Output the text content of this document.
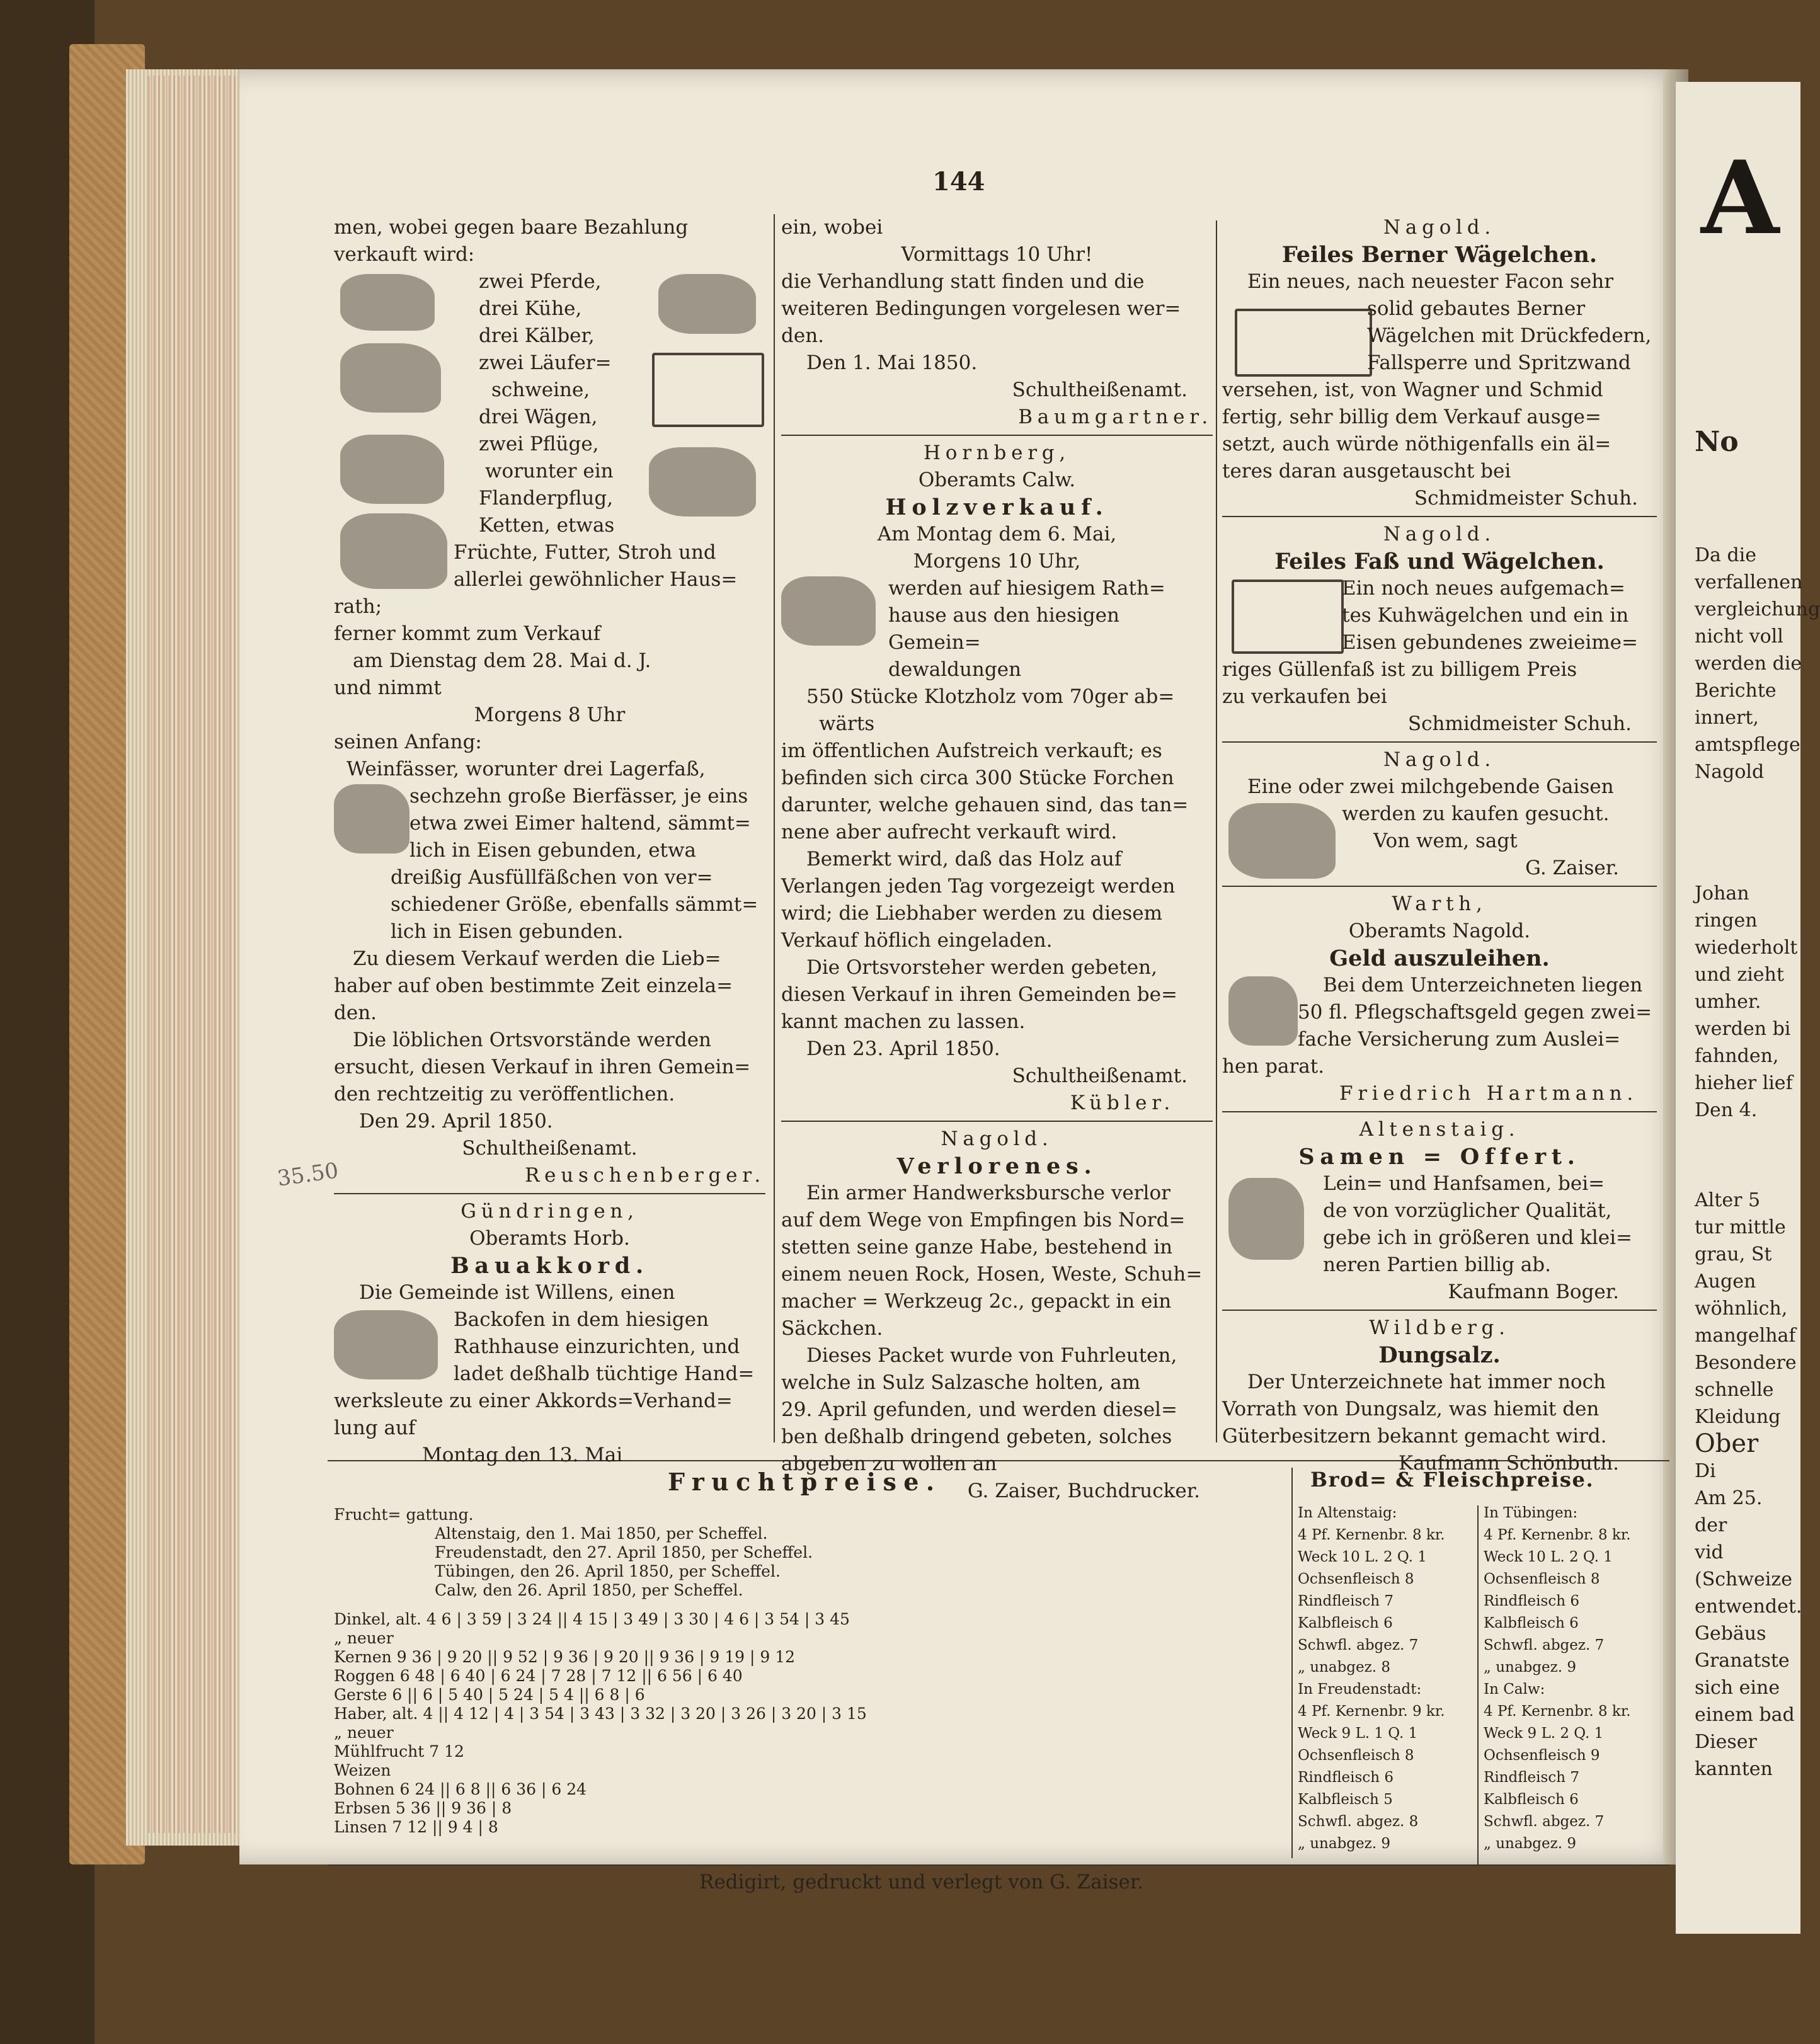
A
144

men, wobei gegen baare Bezahlung

verkauft wird:

zwei Pferde,

drei Kühe,

drei Kälber,

zwei Läufer=

schweine,

drei Wägen,

zwei Pflüge,

worunter ein

Flanderpflug,

Ketten, etwas

Früchte, Futter, Stroh und

allerlei gewöhnlicher Haus=

rath;

ferner kommt zum Verkauf

am Dienstag dem 28. Mai d. J.

und nimmt

Morgens 8 Uhr

seinen Anfang:

Weinfässer, worunter drei Lagerfaß,

sechzehn große Bierfässer, je eins

etwa zwei Eimer haltend, sämmt=

lich in Eisen gebunden, etwa

dreißig Ausfüllfäßchen von ver=

schiedener Größe, ebenfalls sämmt=

lich in Eisen gebunden.

Zu diesem Verkauf werden die Lieb=

haber auf oben bestimmte Zeit einzela=

den.

Die löblichen Ortsvorstände werden

ersucht, diesen Verkauf in ihren Gemein=

den rechtzeitig zu veröffentlichen.

Den 29. April 1850.

Schultheißenamt.

Reuschenberger.

Gündringen,

Oberamts Horb.

Bauakkord.

Die Gemeinde ist Willens, einen

Backofen in dem hiesigen

Rathhause einzurichten, und

ladet deßhalb tüchtige Hand=

werksleute zu einer Akkords=Verhand=

lung auf

Montag den 13. Mai

ein, wobei

Vormittags 10 Uhr!

die Verhandlung statt finden und die

weiteren Bedingungen vorgelesen wer=

den.

Den 1. Mai 1850.

Schultheißenamt.

Baumgartner.

Hornberg,

Oberamts Calw.

Holzverkauf.

Am Montag dem 6. Mai,

Morgens 10 Uhr,

werden auf hiesigem Rath=

hause aus den hiesigen Gemein=

dewaldungen

550 Stücke Klotzholz vom 70ger ab=

wärts

im öffentlichen Aufstreich verkauft; es

befinden sich circa 300 Stücke Forchen

darunter, welche gehauen sind, das tan=

nene aber aufrecht verkauft wird.

Bemerkt wird, daß das Holz auf

Verlangen jeden Tag vorgezeigt werden

wird; die Liebhaber werden zu diesem

Verkauf höflich eingeladen.

Die Ortsvorsteher werden gebeten,

diesen Verkauf in ihren Gemeinden be=

kannt machen zu lassen.

Den 23. April 1850.

Schultheißenamt.

Kübler.

Nagold.

Verlorenes.

Ein armer Handwerksbursche verlor

auf dem Wege von Empfingen bis Nord=

stetten seine ganze Habe, bestehend in

einem neuen Rock, Hosen, Weste, Schuh=

macher = Werkzeug 2c., gepackt in ein

Säckchen.

Dieses Packet wurde von Fuhrleuten,

welche in Sulz Salzasche holten, am

29. April gefunden, und werden diesel=

ben deßhalb dringend gebeten, solches

abgeben zu wollen an

G. Zaiser, Buchdrucker.

Nagold.

Feiles Berner Wägelchen.

Ein neues, nach neuester Facon sehr

solid gebautes Berner

Wägelchen mit Drückfedern,

Fallsperre und Spritzwand

versehen, ist, von Wagner und Schmid

fertig, sehr billig dem Verkauf ausge=

setzt, auch würde nöthigenfalls ein äl=

teres daran ausgetauscht bei

Schmidmeister Schuh.

Nagold.

Feiles Faß und Wägelchen.

Ein noch neues aufgemach=

tes Kuhwägelchen und ein in

Eisen gebundenes zweieime=

riges Güllenfaß ist zu billigem Preis

zu verkaufen bei

Schmidmeister Schuh.

Nagold.

Eine oder zwei milchgebende Gaisen

werden zu kaufen gesucht.

Von wem, sagt

G. Zaiser.

Warth,

Oberamts Nagold.

Geld auszuleihen.

Bei dem Unterzeichneten liegen

50 fl. Pflegschaftsgeld gegen zwei=

fache Versicherung zum Auslei=

hen parat.

Friedrich Hartmann.

Altenstaig.

Samen = Offert.

Lein= und Hanfsamen, bei=

de von vorzüglicher Qualität,

gebe ich in größeren und klei=

neren Partien billig ab.

Kaufmann Boger.

Wildberg.

Dungsalz.

Der Unterzeichnete hat immer noch

Vorrath von Dungsalz, was hiemit den

Güterbesitzern bekannt gemacht wird.

Kaufmann Schönbuth.

35.50
Fruchtpreise.
Frucht= gattung.
Altenstaig, den 1. Mai 1850, per Scheffel.
Freudenstadt, den 27. April 1850, per Scheffel.
Tübingen, den 26. April 1850, per Scheffel.
Calw, den 26. April 1850, per Scheffel.
Dinkel, alt. 4 6 | 3 59 | 3 24 || 4 15 | 3 49 | 3 30 | 4 6 | 3 54 | 3 45
„ neuer
Kernen 9 36 | 9 20 || 9 52 | 9 36 | 9 20 || 9 36 | 9 19 | 9 12
Roggen 6 48 | 6 40 | 6 24 | 7 28 | 7 12 || 6 56 | 6 40
Gerste 6 || 6 | 5 40 | 5 24 | 5 4 || 6 8 | 6
Haber, alt. 4 || 4 12 | 4 | 3 54 | 3 43 | 3 32 | 3 20 | 3 26 | 3 20 | 3 15
„ neuer
Mühlfrucht 7 12
Weizen
Bohnen 6 24 || 6 8 || 6 36 | 6 24
Erbsen 5 36 || 9 36 | 8
Linsen 7 12 || 9 4 | 8
Brod= & Fleischpreise.
In Altenstaig:
4 Pf. Kernenbr. 8 kr.
Weck 10 L. 2 Q. 1
Ochsenfleisch 8
Rindfleisch 7
Kalbfleisch 6
Schwfl. abgez. 7
„ unabgez. 8
In Freudenstadt:
4 Pf. Kernenbr. 9 kr.
Weck 9 L. 1 Q. 1
Ochsenfleisch 8
Rindfleisch 6
Kalbfleisch 5
Schwfl. abgez. 8
„ unabgez. 9
In Tübingen:
4 Pf. Kernenbr. 8 kr.
Weck 10 L. 2 Q. 1
Ochsenfleisch 8
Rindfleisch 6
Kalbfleisch 6
Schwfl. abgez. 7
„ unabgez. 9
In Calw:
4 Pf. Kernenbr. 8 kr.
Weck 9 L. 2 Q. 1
Ochsenfleisch 9
Rindfleisch 7
Kalbfleisch 6
Schwfl. abgez. 7
„ unabgez. 9
Redigirt, gedruckt und verlegt von G. Zaiser.
No
Da die
verfallenen
vergleichung
nicht voll
werden die
Berichte
innert,
amtspflege
Nagold
Johan
ringen
wiederholt
und zieht
umher.
werden bi
fahnden,
hieher lief
Den 4.
Alter 5
tur mittle
grau, St
Augen
wöhnlich,
mangelhaf
Besondere
schnelle
Kleidung
Ober
Di
Am 25.
der
vid
(Schweize
entwendet.
Gebäus
Granatste
sich eine
einem bad
Dieser
kannten
